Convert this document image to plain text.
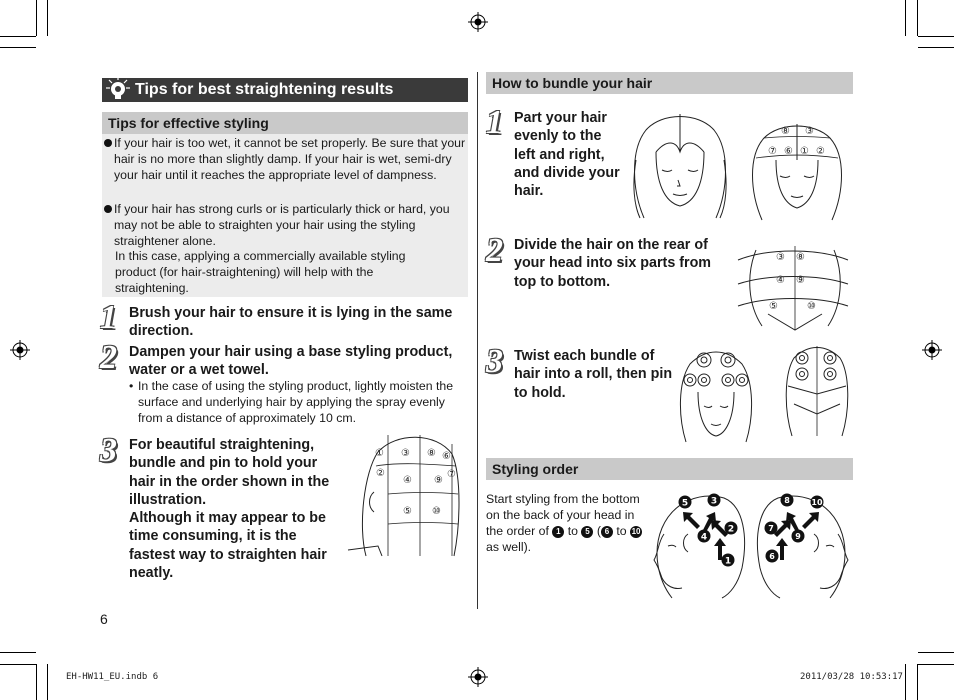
Tips for best straightening results
Tips for effective styling
If your hair is too wet, it cannot be set properly. Be sure that your hair is no more than slightly damp. If your hair is wet, semi-dry your hair until it reaches the appropriate level of dampness.
If your hair has strong curls or is particularly thick or hard, you may not be able to straighten your hair using the styling straightener alone.
In this case, applying a commercially available styling product (for hair-straightening) will help with the straightening.
1 Brush your hair to ensure it is lying in the same direction.
2 Dampen your hair using a base styling product, water or a wet towel.
• In the case of using the styling product, lightly moisten the surface and underlying hair by applying the spray evenly from a distance of approximately 10 cm.
3 For beautiful straightening, bundle and pin to hold your hair in the order shown in the illustration.
Although it may appear to be time consuming, it is the fastest way to straighten hair neatly.
① ③ ⑧ ⑥
②
④ ⑨
⑦
⑤ ⑩
6
How to bundle your hair
1 Part your hair evenly to the left and right, and divide your hair.
⑧ ③
⑦ ⑥ ① ②
2 Divide the hair on the rear of your head into six parts from top to bottom.
③ ⑧
④ ⑨
⑤	⑩
3 Twist each bundle of hair into a roll, then pin to hold.
Styling order
Start styling from the bottom on the back of your head in the order of 1 to 5 ( 6 to 10 as well).
5	3
2
4
1
8	10
7
9
6
EH-HW11_EU.indb 6	2011/03/28 10:53:17
